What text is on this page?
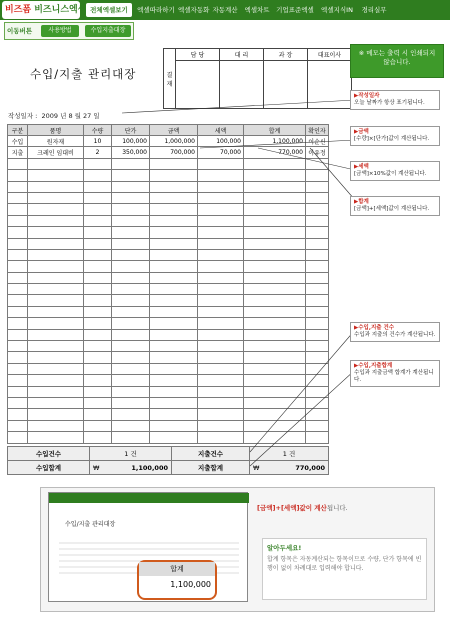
비즈폼 비즈니스엑셀 전체엑셀보기	엑셀따라하기 엑셀자동화 자동계산	엑셀차트	기업표준엑셀	엑셀지식IN	경리실무
이동버튼	사용방법	수입지출대장
수입/지출 관리대장	결 재	담 당	대 리	과 장	대표이사
				※ 메모는 출력 시 인쇄되지 않습니다.
작성일자 : 2009 년 8 월 27 일
구분	품명	수량	단가	금액	세액	합계	확인자
수입	원자재	10	100,000	1,000,000	100,000	1,100,000	이순신
지출	크레인 임대비	2	350,000	700,000	70,000	770,000	이유정

수입건수	1 건	지출건수	1 건
수입합계	₩ 1,100,000	지출합계	₩ 770,000
▶작성일자
오늘 날짜가 항상 표기됩니다.
▶금액
[수량]×[단가]값이 계산됩니다.
▶세액
[금액]×10%값이 계산됩니다.
▶합계
[금액]+[세액]값이 계산됩니다.
▶수입,지출 건수
수입과 지출의 건수가 계산됩니다.
▶수입,지출합계
수입과 지출금액 합계가 계산됩니다.
수입/지출 관리대장
합계
1,100,000
[금액]+[세액]값이 계산됩니다.
알아두세요!
합계 항목은 자동계산되는 항목이므로 수량, 단가 항목에 빈행이 없이 차례대로 입력해야 합니다.
